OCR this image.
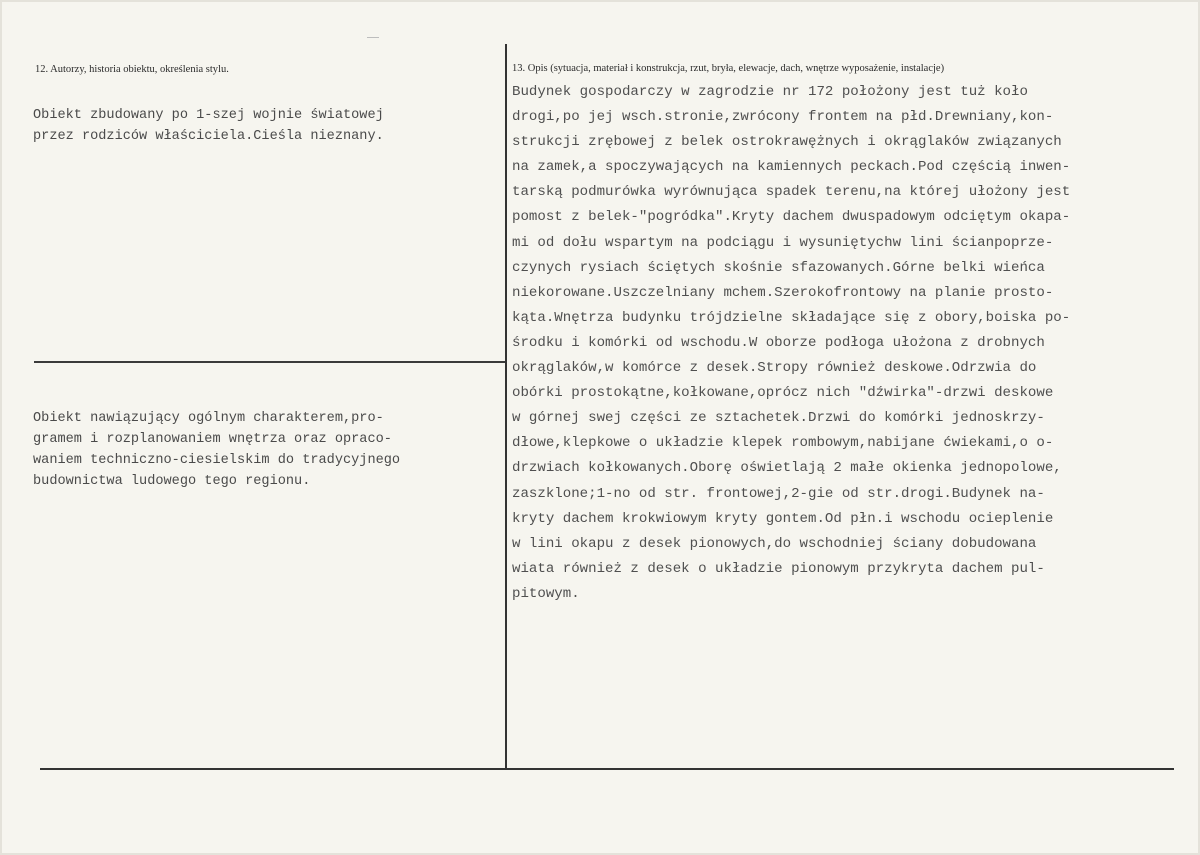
12. Autorzy, historia obiektu, określenia stylu.
Obiekt zbudowany po 1-szej wojnie światowej
przez rodziców właściciela.Cieśla nieznany.
Obiekt nawiązujący ogólnym charakterem,pro-
gramem i rozplanowaniem wnętrza oraz opraco-
waniem techniczno-ciesielskim do tradycyjnego
budownictwa ludowego tego regionu.
13. Opis (sytuacja, materiał i konstrukcja, rzut, bryła, elewacje, dach, wnętrze wyposażenie, instalacje)
Budynek gospodarczy w zagrodzie nr 172 położony jest tuż koło
drogi,po jej wsch.stronie,zwrócony frontem na płd.Drewniany,kon-
strukcji zrębowej z belek ostrokrawężnych i okrąglaków związanych
na zamek,a spoczywających na kamiennych peckach.Pod częścią inwen-
tarską podmurówka wyrównująca spadek terenu,na której ułożony jest
pomost z belek-"pogródka".Kryty dachem dwuspadowym odciętym okapa-
mi od dołu wspartym na podciągu i wysuniętychw lini ścianpoprze-
czynych rysiach ściętych skośnie sfazowanych.Górne belki wieńca
niekorowane.Uszczelniany mchem.Szerokofrontowy na planie prosto-
kąta.Wnętrza budynku trójdzielne składające się z obory,boiska po-
środku i komórki od wschodu.W oborze podłoga ułożona z drobnych
okrąglaków,w komórce z desek.Stropy również deskowe.Odrzwia do
obórki prostokątne,kołkowane,oprócz nich "dźwirka"-drzwi deskowe
w górnej swej części ze sztachetek.Drzwi do komórki jednoskrzy-
dłowe,klepkowe o układzie klepek rombowym,nabijane ćwiekami,o o-
drzwiach kołkowanych.Oborę oświetlają 2 małe okienka jednopolowe,
zaszklone;1-no od str. frontowej,2-gie od str.drogi.Budynek na-
kryty dachem krokwiowym kryty gontem.Od płn.i wschodu ocieplenie
w lini okapu z desek pionowych,do wschodniej ściany dobudowana
wiata również z desek o układzie pionowym przykryta dachem pul-
pitowym.
